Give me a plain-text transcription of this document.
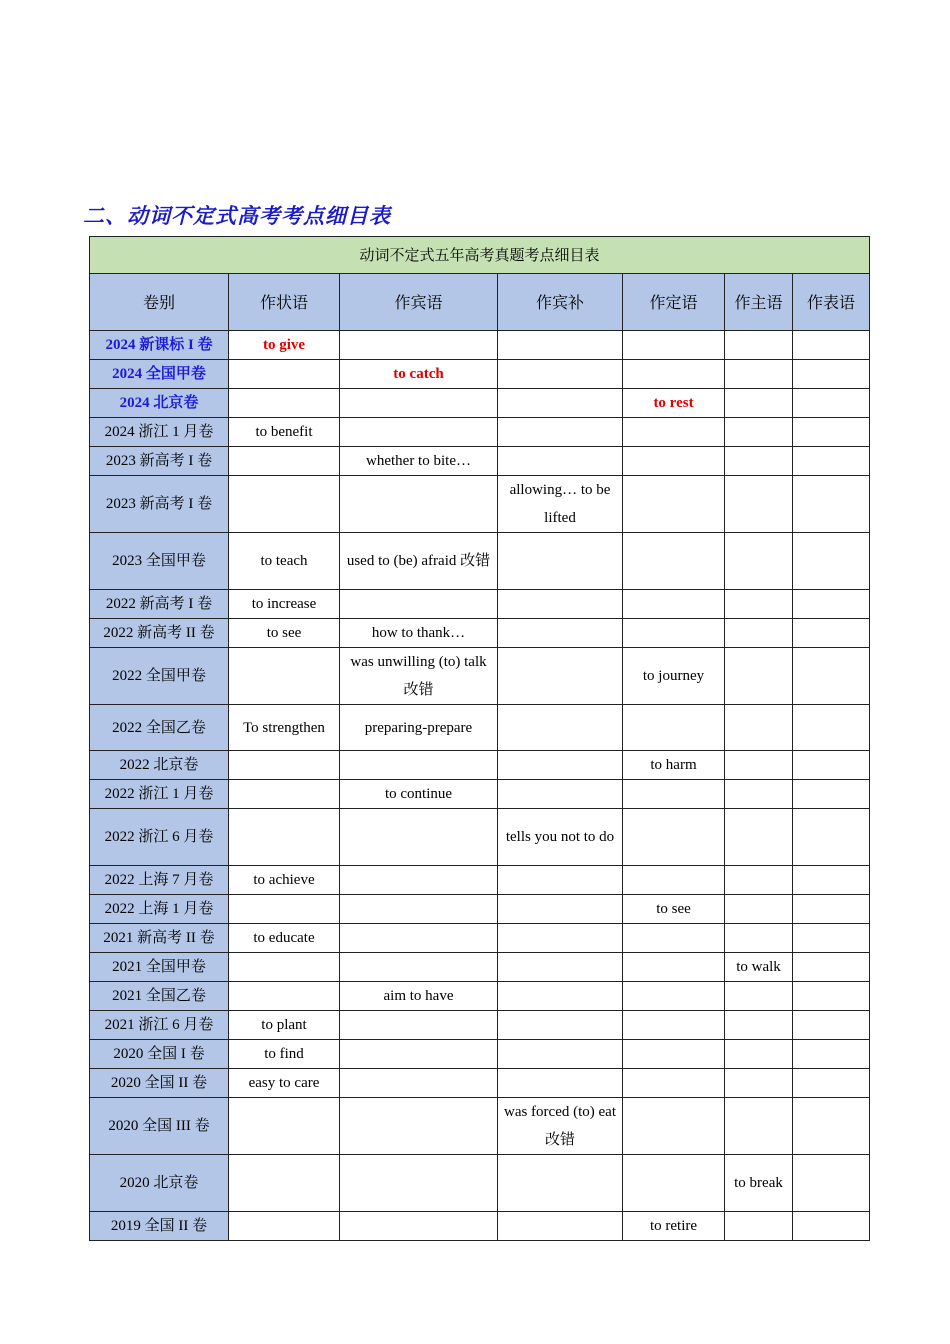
二、动词不定式高考考点细目表
动词不定式五年高考真题考点细目表						
卷别	作状语	作宾语	作宾补	作定语	作主语	作表语
2024 新课标 I 卷	to give					
2024 全国甲卷		to catch				
2024 北京卷				to rest		
2024 浙江 1 月卷	to benefit					
2023 新高考 I 卷		whether to bite…				
2023 新高考 I 卷			allowing… to be lifted			
2023 全国甲卷	to teach	used to (be) afraid 改错				
2022 新高考 I 卷	to increase					
2022 新高考 II 卷	to see	how to thank…				
2022 全国甲卷		was unwilling (to) talk 改错		to journey		
2022 全国乙卷	To strengthen	preparing-prepare				
2022 北京卷				to harm		
2022 浙江 1 月卷		to continue				
2022 浙江 6 月卷			tells you not to do			
2022 上海 7 月卷	to achieve					
2022 上海 1 月卷				to see		
2021 新高考 II 卷	to educate					
2021 全国甲卷					to walk	
2021 全国乙卷		aim to have				
2021 浙江 6 月卷	to plant					
2020 全国 I 卷	to find					
2020 全国 II 卷	easy to care					
2020 全国 III 卷			was forced (to) eat 改错			
2020 北京卷					to break	
2019 全国 II 卷				to retire		
